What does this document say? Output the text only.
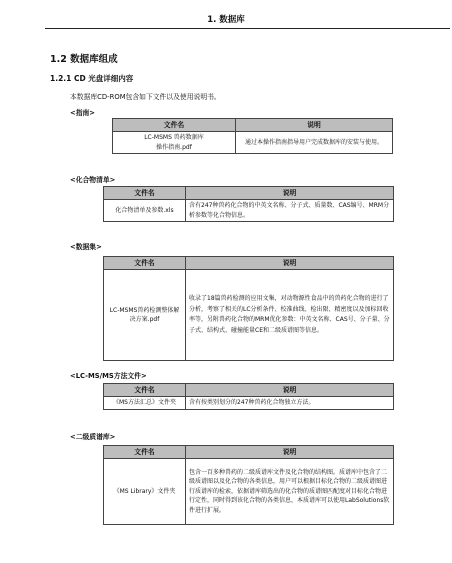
1. 数据库
1.2 数据库组成
1.2.1 CD 光盘详细内容
本数据库CD-ROM包含如下文件以及使用说明书。
<指南>
文件名	说明
LC-MSMS 兽药数据库
操作指南.pdf	通过本操作指南指导用户完成数据库的安装与使用。
<化合物清单>
文件名	说明
化合物清单及参数.xls	含有247种兽药化合物的中英文名称、分子式、质量数、CAS编号、MRM分析参数等化合物信息。
<数据集>
文件名	说明
LC-MSMS兽药检测整体解决方案.pdf	收录了18篇兽药检测的应用文集，对动物源性食品中的兽药化合物的进行了分析，考察了相关的LC分析条件、校准曲线、检出限、精密度以及加标回收率等，另附兽药化合物的MRM优化参数：中英文名称、CAS号、分子量、分子式、结构式、碰撞能量CE和二级质谱图等信息。
<LC-MS/MS方法文件>
文件名	说明
《MS方法汇总》文件夹	含有按类别划分的247种兽药化合物独立方法。
<二级质谱库>
文件名	说明
《MS Library》文件夹	包含一百多种兽药的二级质谱库文件及化合物的结构图。质谱库中包含了二级质谱图以及化合物的各类信息，用户可以根据目标化合物的二级质谱图进行质谱库的检索，依据谱库筛选出的化合物的质谱图匹配度对目标化合物进行定性，同时得到该化合物的各类信息，本质谱库可以使用LabSolutions软件进行扩展。
